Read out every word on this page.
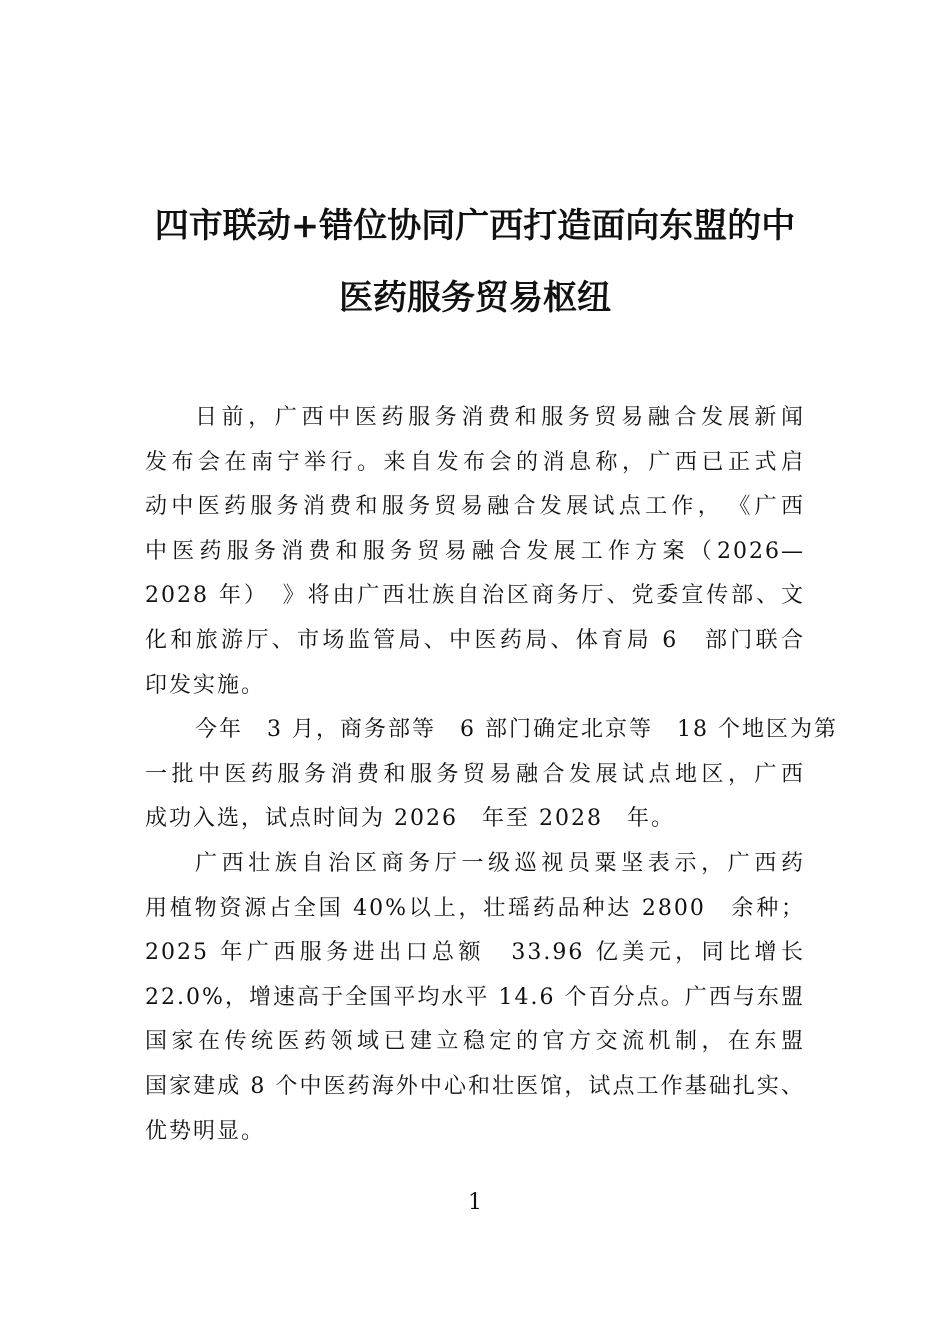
四市联动+错位协同广西打造面向东盟的中
医药服务贸易枢纽
日前，广西中医药服务消费和服务贸易融合发展新闻
发布会在南宁举行。来自发布会的消息称，广西已正式启
动中医药服务消费和服务贸易融合发展试点工作，　《广西
中医药服务消费和服务贸易融合发展工作方案（2026—
2028 年）　》将由广西壮族自治区商务厅、党委宣传部、文
化和旅游厅、市场监管局、中医药局、体育局 6　部门联合
印发实施。
今年　3 月，商务部等　6 部门确定北京等　18 个地区为第
一批中医药服务消费和服务贸易融合发展试点地区，广西
成功入选，试点时间为 2026　年至 2028　年。
广西壮族自治区商务厅一级巡视员粟坚表示，广西药
用植物资源占全国 40%以上，壮瑶药品种达 2800　余种；
2025 年广西服务进出口总额　33.96 亿美元，同比增长
22.0%，增速高于全国平均水平 14.6 个百分点。广西与东盟
国家在传统医药领域已建立稳定的官方交流机制，在东盟
国家建成 8 个中医药海外中心和壮医馆，试点工作基础扎实、
优势明显。
1
